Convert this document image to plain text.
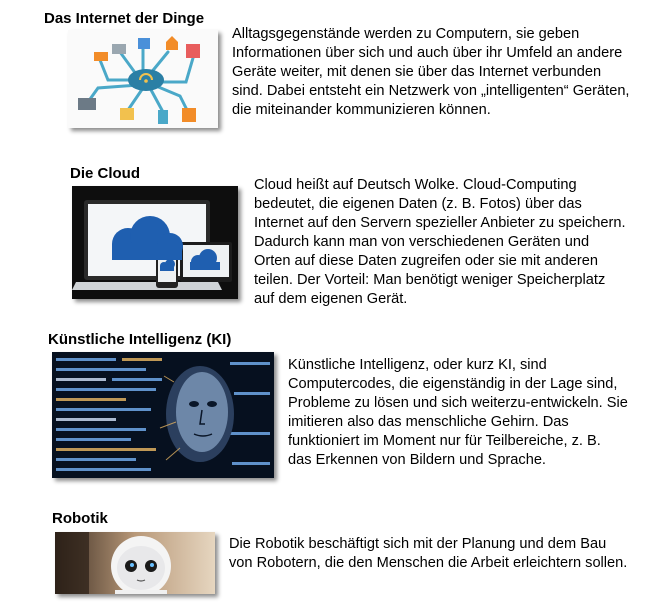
Das Internet der Dinge
Alltagsgegenstände werden zu Computern, sie geben Informationen über sich und auch über ihr Umfeld an andere Geräte weiter, mit denen sie über das Internet verbunden sind. Dabei entsteht ein Netzwerk von „intelligenten“ Geräten, die miteinander kommunizieren können.
Die Cloud
Cloud heißt auf Deutsch Wolke. Cloud-Computing bedeutet, die eigenen Daten (z. B. Fotos) über das Internet auf den Servern spezieller Anbieter zu speichern. Dadurch kann man von verschiedenen Geräten und Orten auf diese Daten zugreifen oder sie mit anderen teilen. Der Vorteil: Man benötigt weniger Speicherplatz auf dem eigenen Gerät.
Künstliche Intelligenz (KI)
Künstliche Intelligenz, oder kurz KI, sind Computercodes, die eigenständig in der Lage sind, Probleme zu lösen und sich weiterzu-entwickeln. Sie imitieren also das menschliche Gehirn. Das funktioniert im Moment nur für Teilbereiche, z. B. das Erkennen von Bildern und Sprache.
Robotik
Die Robotik beschäftigt sich mit der Planung und dem Bau von Robotern, die den Menschen die Arbeit erleichtern sollen.
